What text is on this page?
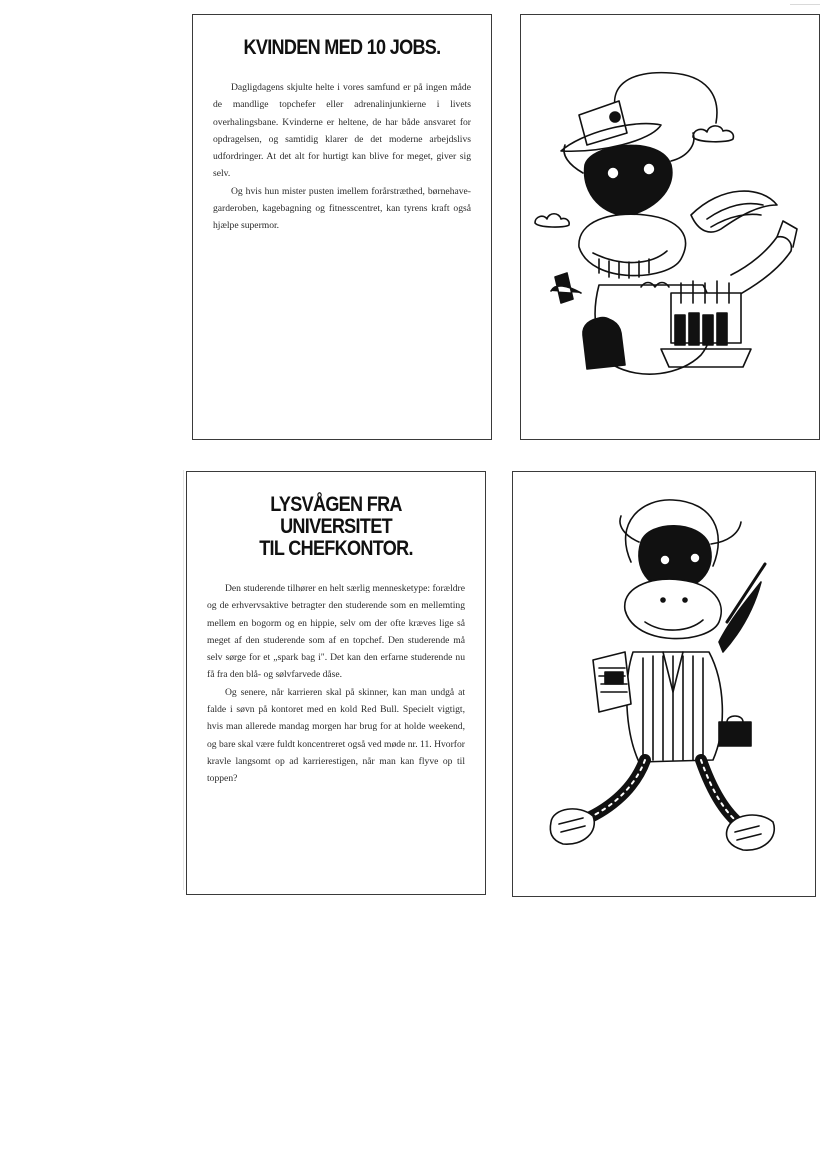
KVINDEN MED 10 JOBS.

Dagligdagens skjulte helte i vores samfund er på ingen måde de mandlige topchefer eller adrenalinjunkierne i livets overhalingsbane. Kvinderne er heltene, de har både ansvaret for opdragelsen, og samtidig klarer de det moderne arbejdslivs udfordringer. At det alt for hurtigt kan blive for meget, giver sig selv.

Og hvis hun mister pusten imellem forårstræthed, børnehave-garderoben, kagebagning og fitnesscentret, kan tyrens kraft også hjælpe supermor.

LYSVÅGEN FRA UNIVERSITET
TIL CHEFKONTOR.

Den studerende tilhører en helt særlig mennesketype: forældre og de erhvervsaktive betragter den studerende som en mellemting mellem en bogorm og en hippie, selv om der ofte kræves lige så meget af den studerende som af en topchef. Den studerende må selv sørge for et „spark bag i". Det kan den erfarne studerende nu få fra den blå- og sølvfarvede dåse.

Og senere, når karrieren skal på skinner, kan man undgå at falde i søvn på kontoret med en kold Red Bull. Specielt vigtigt, hvis man allerede mandag morgen har brug for at holde weekend, og bare skal være fuldt koncentreret også ved møde nr. 11. Hvorfor kravle langsomt op ad karrierestigen, når man kan flyve op til toppen?
